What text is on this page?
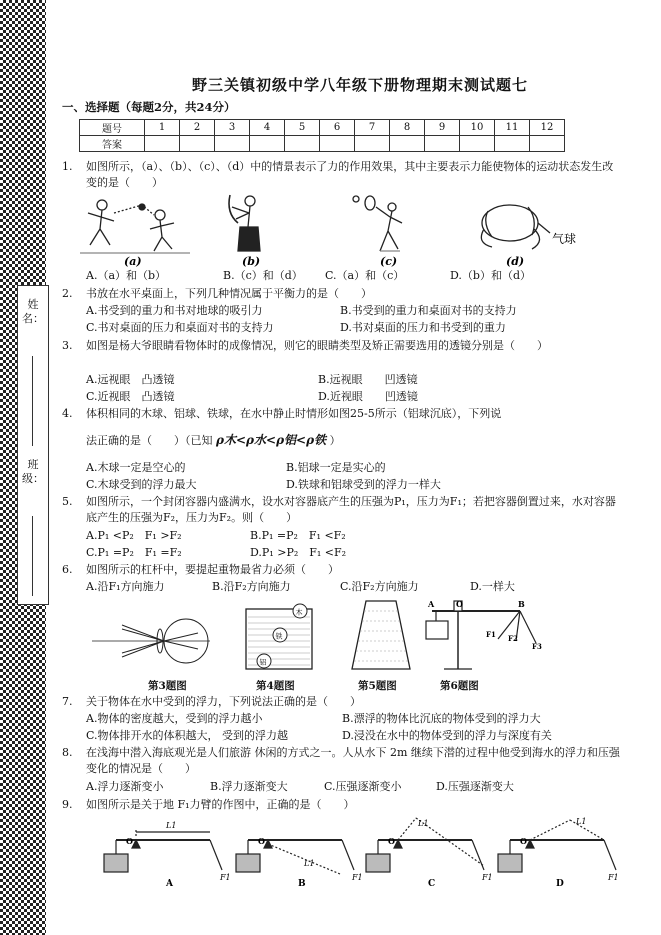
姓名：
班级：
野三关镇初级中学八年级下册物理期末测试题七
一、选择题（每题2分，共24分）
题号	1	2	3	4	5	6	7	8	9	10	11	12
答案												
1. 如图所示，（a）、（b）、（c）、（d）中的情景表示了力的作用效果，其中主要表示力能使物体的运动状态发生改变的是（　　）
(a)	(b)	(c)
气球
(d)
A.（a）和（b）	B.（c）和（d） C.（a）和（c）	D.（b）和（d）
2. 书放在水平桌面上，下列几种情况属于平衡力的是（　　）
A.书受到的重力和书对地球的吸引力	B.书受到的重力和桌面对书的支持力
C.书对桌面的压力和桌面对书的支持力	D.书对桌面的压力和书受到的重力
3. 如图是杨大爷眼睛看物体时的成像情况，则它的眼睛类型及矫正需要选用的透镜分别是（　　）
A.远视眼　凸透镜	B.远视眼　　凹透镜
C.近视眼　凸透镜	D.近视眼　　凹透镜
4. 体积相同的木球、铝球、铁球，在水中静止时情形如图25-5所示（铝球沉底），下列说
法正确的是（　　）（已知 ρ木<ρ水<ρ铝<ρ铁 ）
A.木球一定是空心的	B.铝球一定是实心的
C.木球受到的浮力最大	D.铁球和铝球受到的浮力一样大
5. 如图所示，一个封闭容器内盛满水，设水对容器底产生的压强为P₁，压力为F₁；若把容器倒置过来，水对容器底产生的压强为F₂，压力为F₂。则（　　）
A.P₁ <P₂　F₁ >F₂	B.P₁ =P₂　F₁ <F₂
C.P₁ =P₂　F₁ =F₂	D.P₁ >P₂　F₁ <F₂
6. 如图所示的杠杆中，要提起重物最省力必须（　　）
A.沿F₁方向施力	B.沿F₂方向施力	C.沿F₂方向施力	D.一样大
木
铁
铝
A	O	B
F1 F2
F3
第3题图	第4题图	第5题图	第6题图
7. 关于物体在水中受到的浮力，下列说法正确的是（　　）
A.物体的密度越大，受到的浮力越小	B.漂浮的物体比沉底的物体受到的浮力大
C.物体排开水的体积越大， 受到的浮力越	D.浸没在水中的物体受到的浮力与深度有关
8. 在浅海中潜入海底观光是人们旅游 休闲的方式之一。人从水下 2m 继续下潜的过程中他受到海水的浮力和压强变化的情况是（　　）
A.浮力逐渐变小	B.浮力逐渐变大	C.压强逐渐变小	D.压强逐渐变大
9. 如图所示是关于地 F₁力臂的作图中，正确的是（　　）
L1
O
F1
A
L1
O
F1
B
L1
O
F1
C
L1
O
F1
D
